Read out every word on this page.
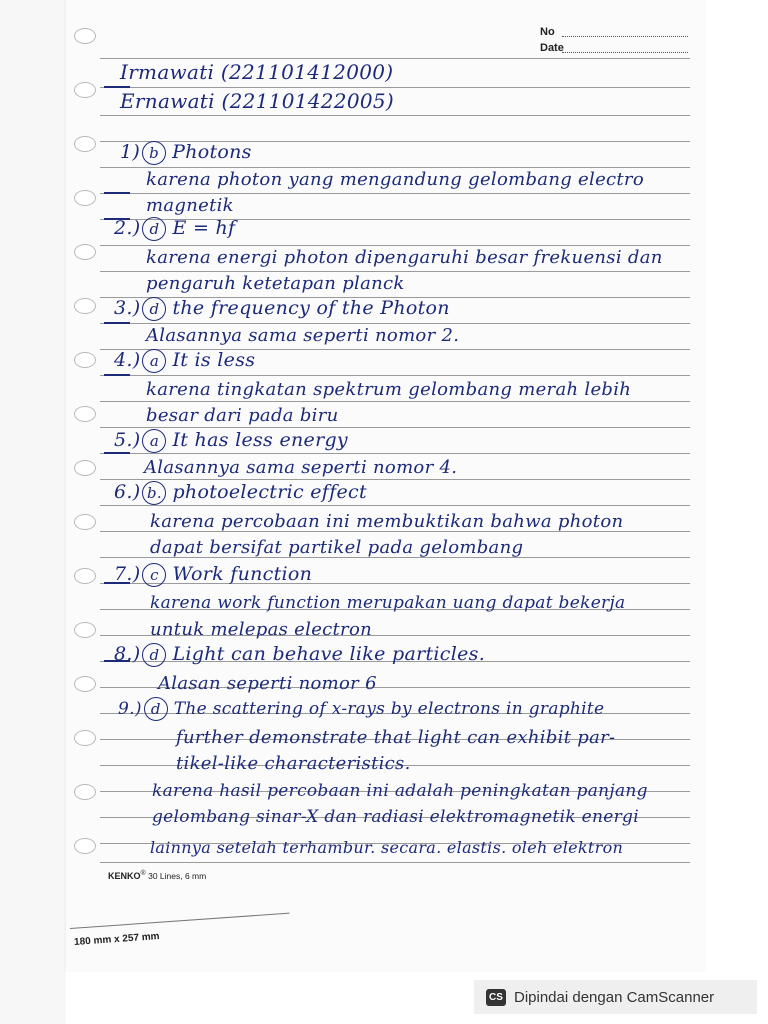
No
Date
Irmawati (221101412000)
Ernawati (221101422005)
1) b Photons
karena photon yang mengandung gelombang electro
magnetik
2.) d E = hf
karena energi photon dipengaruhi besar frekuensi dan
pengaruh ketetapan planck
3.) d the frequency of the Photon
Alasannya sama seperti nomor 2.
4.) a It is less
karena tingkatan spektrum gelombang merah lebih
besar dari pada biru
5.) a It has less energy
Alasannya sama seperti nomor 4.
6.) b. photoelectric effect
karena percobaan ini membuktikan bahwa photon
dapat bersifat partikel pada gelombang
7.) c Work function
karena work function merupakan uang dapat bekerja
untuk melepas electron
8.) d Light can behave like particles.
Alasan seperti nomor 6
9.) d The scattering of x-rays by electrons in graphite
further demonstrate that light can exhibit par-
tikel-like characteristics.
karena hasil percobaan ini adalah peningkatan panjang
gelombang sinar-X dan radiasi elektromagnetik energi
lainnya setelah terhambur. secara. elastis. oleh elektron
KENKO® 30 Lines, 6 mm
180 mm x 257 mm
CS Dipindai dengan CamScanner
